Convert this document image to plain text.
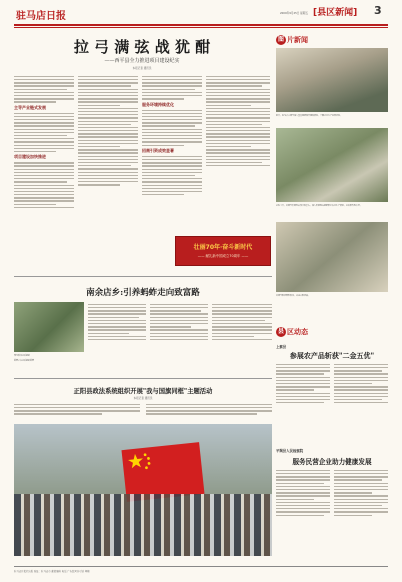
驻马店日报	2009年9月25日 星期五 [县区新闻] 3
拉 弓 满 弦 战 犹 酣
——西平县全力推进项目建设纪实
本报记者 通讯员
主导产业链式发展
项目建设加快推进
服务环境持续优化
招商引资成效显著
壮丽70年·奋斗新时代
—— 献礼新中国成立70周年 ——
图 片新闻
近日，驻马店市领导深入基层调研项目建设情况，了解企业生产经营状况。
9月17日，县领导带领有关部门负责人，深入田间地头调研秋季农业生产情况，查看秋作物长势。
县领导慰问困难群众，并送去慰问品。
南余店乡:引养蚂蚱走向致富路
图为群众查看蚂蚱
养殖户在查看蚂蚱养殖
正阳县政法系统组织开展"我与国旗同框"主题活动
本报记者 通讯员
县 区动态
上蔡县
参展农产品斩获"二金五优"
平舆县人民检察院
服务民营企业助力健康发展
驻马店日报社出版 地址：驻马店市 邮政编码 电话 广告经营许可证 印刷
